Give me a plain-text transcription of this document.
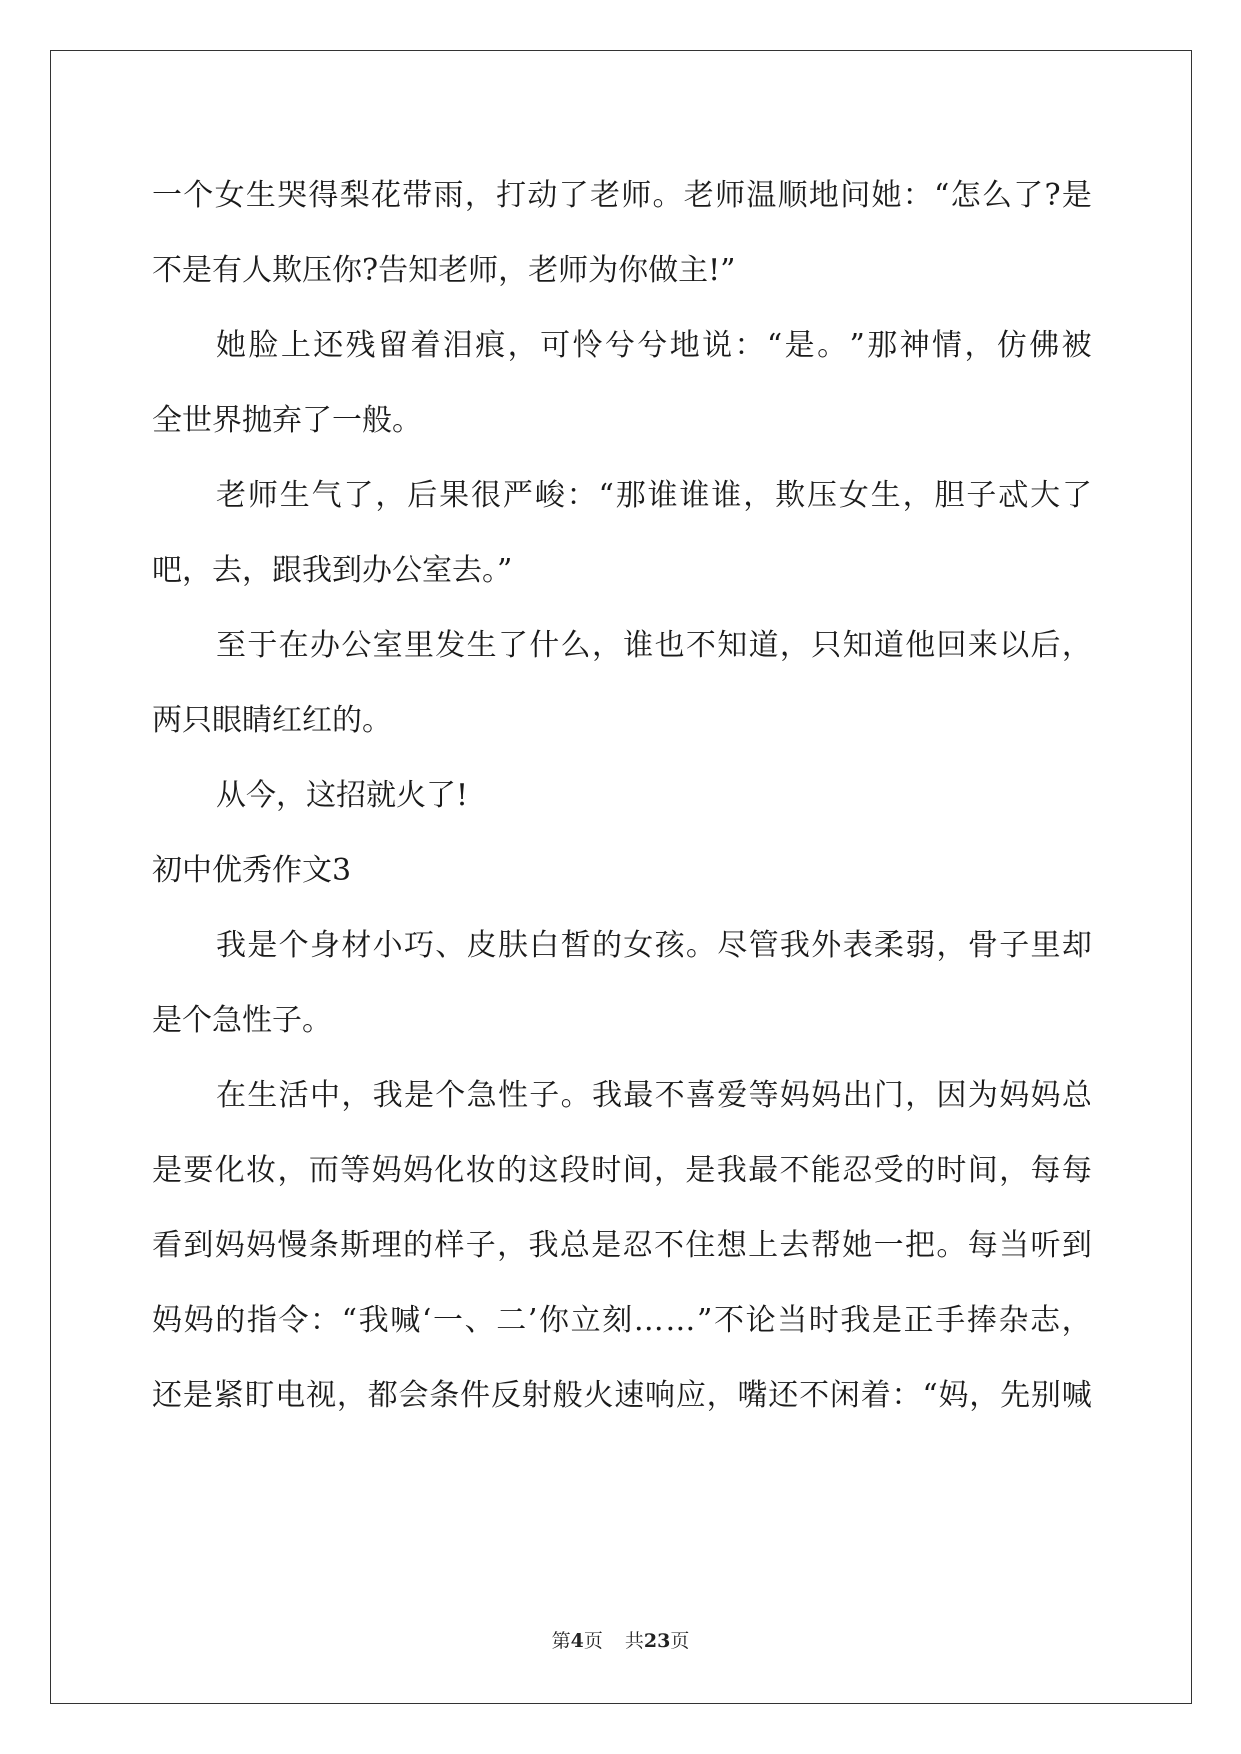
一 个 女 生 哭 得 梨 花 带 雨 ， 打 动 了 老 师 。 老 师 温 顺 地 问 她 ： “ 怎 么 了 ? 是
不是有人欺压你?告知老师，老师为你做主!”
她 脸 上 还 残 留 着 泪 痕 ， 可 怜 兮 兮 地 说 ： “ 是 。 ” 那 神 情 ， 仿 佛 被
全世界抛弃了一般。
老 师 生 气 了 ， 后 果 很 严 峻 ： “ 那 谁 谁 谁 ， 欺 压 女 生 ， 胆 子 忒 大 了
吧，去，跟我到办公室去。”
至 于 在 办 公 室 里 发 生 了 什 么 ， 谁 也 不 知 道 ， 只 知 道 他 回 来 以 后 ，
两只眼睛红红的。
从今，这招就火了!
初中优秀作文3
我 是 个 身 材 小 巧 、 皮 肤 白 皙 的 女 孩 。 尽 管 我 外 表 柔 弱 ， 骨 子 里 却
是个急性子。
在 生 活 中 ， 我 是 个 急 性 子 。 我 最 不 喜 爱 等 妈 妈 出 门 ， 因 为 妈 妈 总
是 要 化 妆 ， 而 等 妈 妈 化 妆 的 这 段 时 间 ， 是 我 最 不 能 忍 受 的 时 间 ， 每 每
看 到 妈 妈 慢 条 斯 理 的 样 子 ， 我 总 是 忍 不 住 想 上 去 帮 她 一 把 。 每 当 听 到
妈 妈 的 指 令 ： “ 我 喊 ‘ 一 、 二 ’ 你 立 刻 … … ” 不 论 当 时 我 是 正 手 捧 杂 志 ，
还 是 紧 盯 电 视 ， 都 会 条 件 反 射 般 火 速 响 应 ， 嘴 还 不 闲 着 ： “ 妈 ， 先 别 喊
第4页 共23页
